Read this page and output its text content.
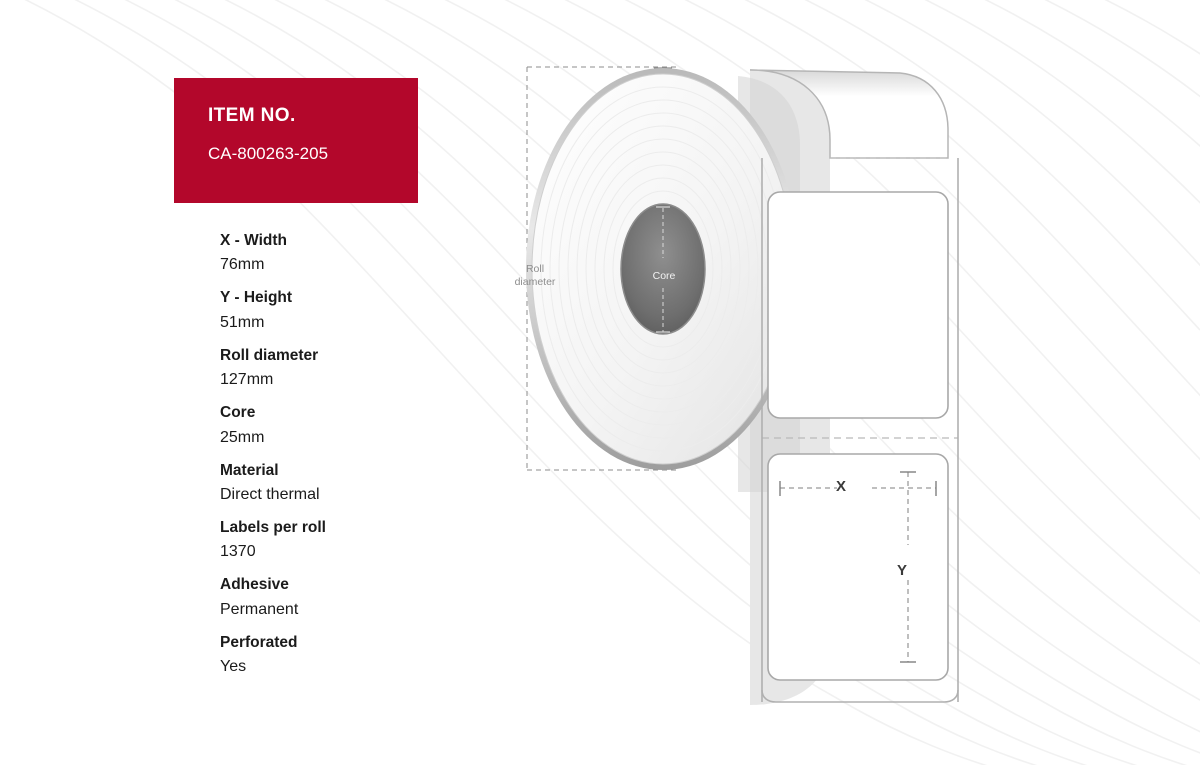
ITEM NO.

CA-800263-205

X - Width

76mm

Y - Height

51mm

Roll diameter

127mm

Core

25mm

Material

Direct thermal

Labels per roll

1370

Adhesive

Permanent

Perforated

Yes

Roll
diameter
Core
X
Y
